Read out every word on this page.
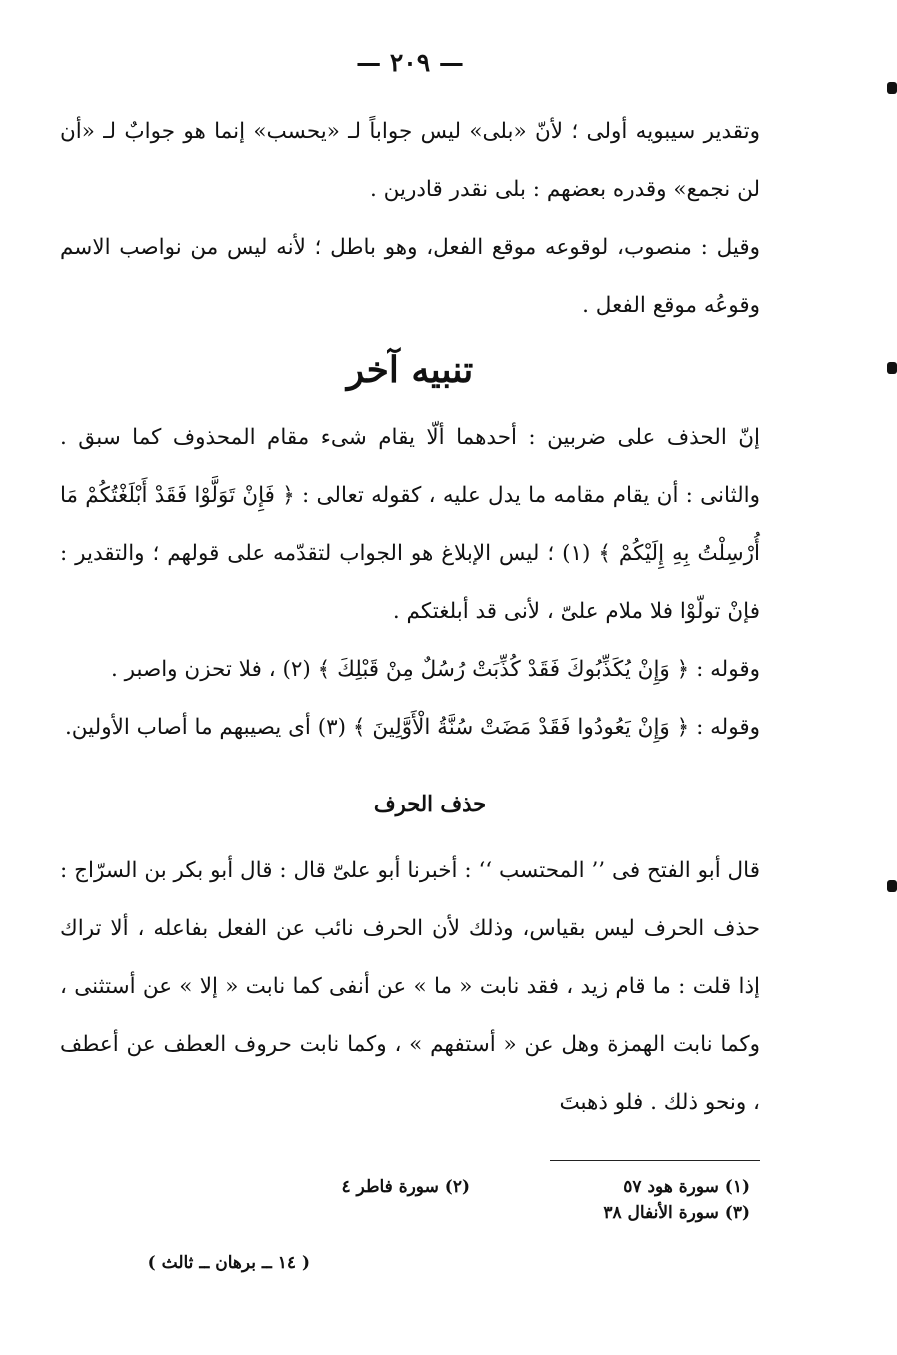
— ٢٠٩ —

وتقدير سيبويه أولى ؛ لأنّ «بلى» ليس جواباً لـ «يحسب» إنما هو جوابٌ لـ «أن لن نجمع» وقدره بعضهم : بلى نقدر قادرين .

وقيل : منصوب، لوقوعه موقع الفعل، وهو باطل ؛ لأنه ليس من نواصب الاسم وقوعُه موقع الفعل .

تنبيه آخر

إنّ الحذف على ضربين : أحدهما ألّا يقام شىء مقام المحذوف كما سبق . والثانى : أن يقام مقامه ما يدل عليه ، كقوله تعالى : ﴿ فَإِنْ تَوَلَّوْا فَقَدْ أَبْلَغْتُكُمْ مَا أُرْسِلْتُ بِهِ إِلَيْكُمْ ﴾ (١) ؛ ليس الإبلاغ هو الجواب لتقدّمه على قولهم ؛ والتقدير : فإنْ تولّوْا فلا ملام علىّ ، لأنى قد أبلغتكم .

وقوله : ﴿ وَإِنْ يُكَذِّبُوكَ فَقَدْ كُذِّبَتْ رُسُلٌ مِنْ قَبْلِكَ ﴾ (٢) ، فلا تحزن واصبر .

وقوله : ﴿ وَإِنْ يَعُودُوا فَقَدْ مَضَتْ سُنَّةُ الْأَوَّلِينَ ﴾ (٣) أى يصيبهم ما أصاب الأولين.

حذف الحرف

قال أبو الفتح فى ’’ المحتسب ‘‘ : أخبرنا أبو علىّ قال : قال أبو بكر بن السرّاج : حذف الحرف ليس بقياس، وذلك لأن الحرف نائب عن الفعل بفاعله ، ألا تراك إذا قلت : ما قام زيد ، فقد نابت « ما » عن أنفى كما نابت « إلا » عن أستثنى ، وكما نابت الهمزة وهل عن « أستفهم » ، وكما نابت حروف العطف عن أعطف ، ونحو ذلك . فلو ذهبتَ

(١) سورة هود ٥٧
(٢) سورة فاطر ٤
(٣) سورة الأنفال ٣٨
( ١٤ ــ برهان ــ ثالث )
